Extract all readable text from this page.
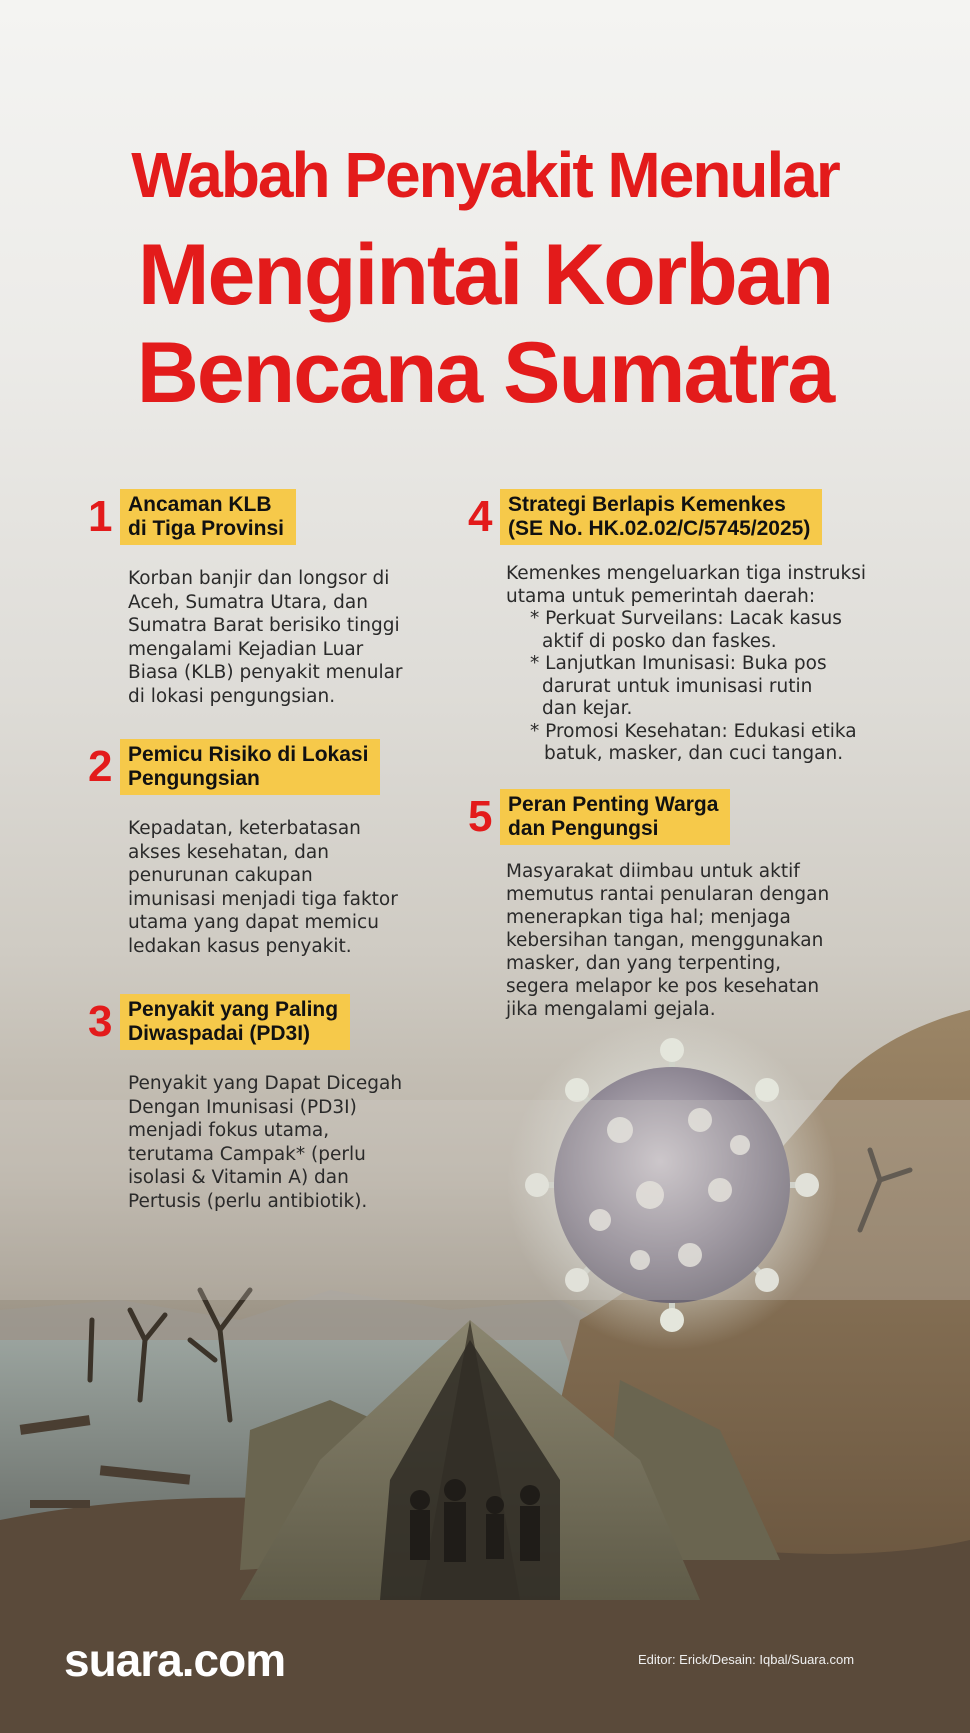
Wabah Penyakit Menular
Mengintai Korban
Bencana Sumatra
1 Ancaman KLB
di Tiga Provinsi
Korban banjir dan longsor di
Aceh, Sumatra Utara, dan
Sumatra Barat berisiko tinggi
mengalami Kejadian Luar
Biasa (KLB) penyakit menular
di lokasi pengungsian.
2 Pemicu Risiko di Lokasi
Pengungsian
Kepadatan, keterbatasan
akses kesehatan, dan
penurunan cakupan
imunisasi menjadi tiga faktor
utama yang dapat memicu
ledakan kasus penyakit.
3 Penyakit yang Paling
Diwaspadai (PD3I)
Penyakit yang Dapat Dicegah
Dengan Imunisasi (PD3I)
menjadi fokus utama,
terutama Campak* (perlu
isolasi & Vitamin A) dan
Pertusis (perlu antibiotik).
4 Strategi Berlapis Kemenkes
(SE No. HK.02.02/C/5745/2025)
Kemenkes mengeluarkan tiga instruksi
utama untuk pemerintah daerah:
* Perkuat Surveilans: Lacak kasus
aktif di posko dan faskes.
* Lanjutkan Imunisasi: Buka pos
darurat untuk imunisasi rutin
dan kejar.
* Promosi Kesehatan: Edukasi etika
batuk, masker, dan cuci tangan.
5 Peran Penting Warga
dan Pengungsi
Masyarakat diimbau untuk aktif
memutus rantai penularan dengan
menerapkan tiga hal; menjaga
kebersihan tangan, menggunakan
masker, dan yang terpenting,
segera melapor ke pos kesehatan
jika mengalami gejala.
suara.com	Editor: Erick/Desain: Iqbal/Suara.com
